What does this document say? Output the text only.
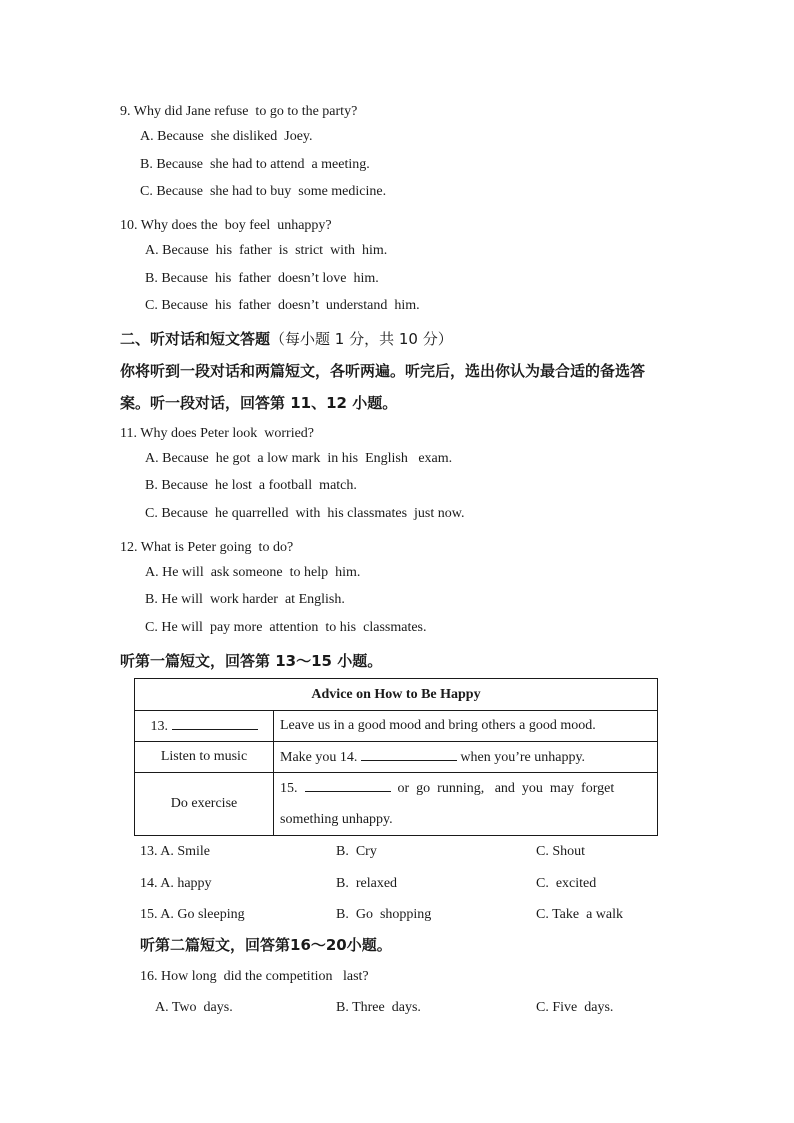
9. Why did Jane refuse  to go to the party?
A. Because  she disliked  Joey.
B. Because  she had to attend  a meeting.
C. Because  she had to buy  some medicine.
10. Why does the  boy feel  unhappy?
A. Because  his  father  is  strict  with  him.
B. Because  his  father  doesn’t love  him.
C. Because  his  father  doesn’t  understand  him.
二、听对话和短文答题（每小题 1 分，共 10 分）
你将听到一段对话和两篇短文，各听两遍。听完后，选出你认为最合适的备选答
案。听一段对话，回答第 11、12 小题。
11. Why does Peter look  worried?
A. Because  he got  a low mark  in his  English   exam.
B. Because  he lost  a football  match.
C. Because  he quarrelled  with  his classmates  just now.
12. What is Peter going  to do?
A. He will  ask someone  to help  him.
B. He will  work harder  at English.
C. He will  pay more  attention  to his  classmates.
听第一篇短文，回答第 13～15 小题。
Advice on How to Be Happy	
13.	Leave us in a good mood and bring others a good mood.
Listen to music	Make you 14. when you’re unhappy.
Do exercise	15. or  go  running,   and  you  may  forget
something unhappy.
13. A. Smile	B.  Cry	C. Shout
14. A. happy	B.  relaxed	C.  excited
15. A. Go sleeping	B.  Go  shopping	C. Take  a walk
听第二篇短文，回答第16～20小题。
16. How long  did the competition   last?
A. Two  days.	B. Three  days.	C. Five  days.
